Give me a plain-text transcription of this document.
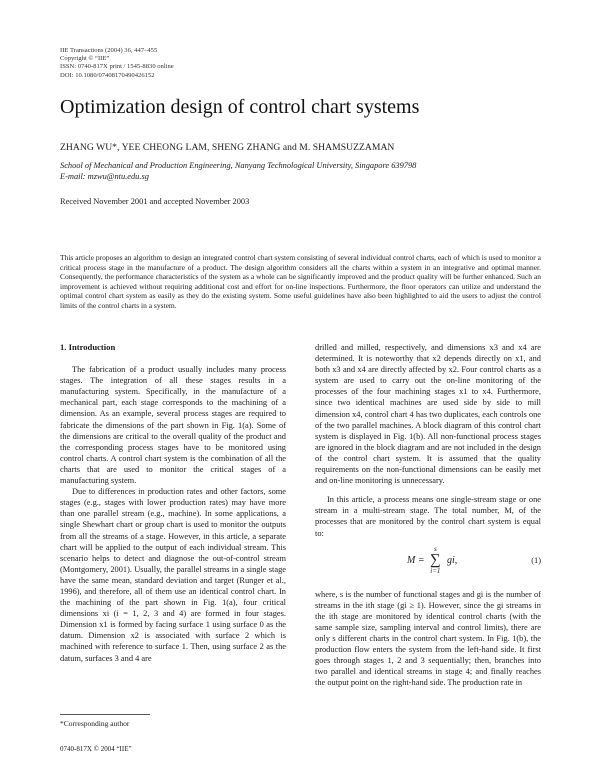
IIE Transactions (2004) 36, 447–455
Copyright © “IIE”
ISSN: 0740-817X print / 1545-8830 online
DOI: 10.1080/07408170490426152
Optimization design of control chart systems
ZHANG WU*, YEE CHEONG LAM, SHENG ZHANG and M. SHAMSUZZAMAN
School of Mechanical and Production Engineering, Nanyang Technological University, Singapore 639798
E-mail: mzwu@ntu.edu.sg
Received November 2001 and accepted November 2003
This article proposes an algorithm to design an integrated control chart system consisting of several individual control charts, each of which is used to monitor a critical process stage in the manufacture of a product. The design algorithm considers all the charts within a system in an integrative and optimal manner. Consequently, the performance characteristics of the system as a whole can be significantly improved and the product quality will be further enhanced. Such an improvement is achieved without requiring additional cost and effort for on-line inspections. Furthermore, the floor operators can utilize and understand the optimal control chart system as easily as they do the existing system. Some useful guidelines have also been highlighted to aid the users to adjust the control limits of the control charts in a system.
1. Introduction

The fabrication of a product usually includes many process stages. The integration of all these stages results in a manufacturing system. Specifically, in the manufacture of a mechanical part, each stage corresponds to the machining of a dimension. As an example, several process stages are required to fabricate the dimensions of the part shown in Fig. 1(a). Some of the dimensions are critical to the overall quality of the product and the corresponding process stages have to be monitored using control charts. A control chart system is the combination of all the charts that are used to monitor the critical stages of a manufacturing system.

Due to differences in production rates and other factors, some stages (e.g., stages with lower production rates) may have more than one parallel stream (e.g., machine). In some applications, a single Shewhart chart or group chart is used to monitor the outputs from all the streams of a stage. However, in this article, a separate chart will be applied to the output of each individual stream. This scenario helps to detect and diagnose the out-of-control stream (Montgomery, 2001). Usually, the parallel streams in a single stage have the same mean, standard deviation and target (Runger et al., 1996), and therefore, all of them use an identical control chart. In the machining of the part shown in Fig. 1(a), four critical dimensions xi (i = 1, 2, 3 and 4) are formed in four stages. Dimension x1 is formed by facing surface 1 using surface 0 as the datum. Dimension x2 is associated with surface 2 which is machined with reference to surface 1. Then, using surface 2 as the datum, surfaces 3 and 4 are

drilled and milled, respectively, and dimensions x3 and x4 are determined. It is noteworthy that x2 depends directly on x1, and both x3 and x4 are directly affected by x2. Four control charts as a system are used to carry out the on-line monitoring of the processes of the four machining stages x1 to x4. Furthermore, since two identical machines are used side by side to mill dimension x4, control chart 4 has two duplicates, each controls one of the two parallel machines. A block diagram of this control chart system is displayed in Fig. 1(b). All non-functional process stages are ignored in the block diagram and are not included in the design of the control chart system. It is assumed that the quality requirements on the non-functional dimensions can be easily met and on-line monitoring is unnecessary.

In this article, a process means one single-stream stage or one stream in a multi-stream stage. The total number, M, of the processes that are monitored by the control chart system is equal to:

M =
s
∑
i=1
gi,	(1)

where, s is the number of functional stages and gi is the number of streams in the ith stage (gi ≥ 1). However, since the gi streams in the ith stage are monitored by identical control charts (with the same sample size, sampling interval and control limits), there are only s different charts in the control chart system. In Fig. 1(b), the production flow enters the system from the left-hand side. It first goes through stages 1, 2 and 3 sequentially; then, branches into two parallel and identical streams in stage 4; and finally reaches the output point on the right-hand side. The production rate in

*Corresponding author
0740-817X © 2004 “IIE”
